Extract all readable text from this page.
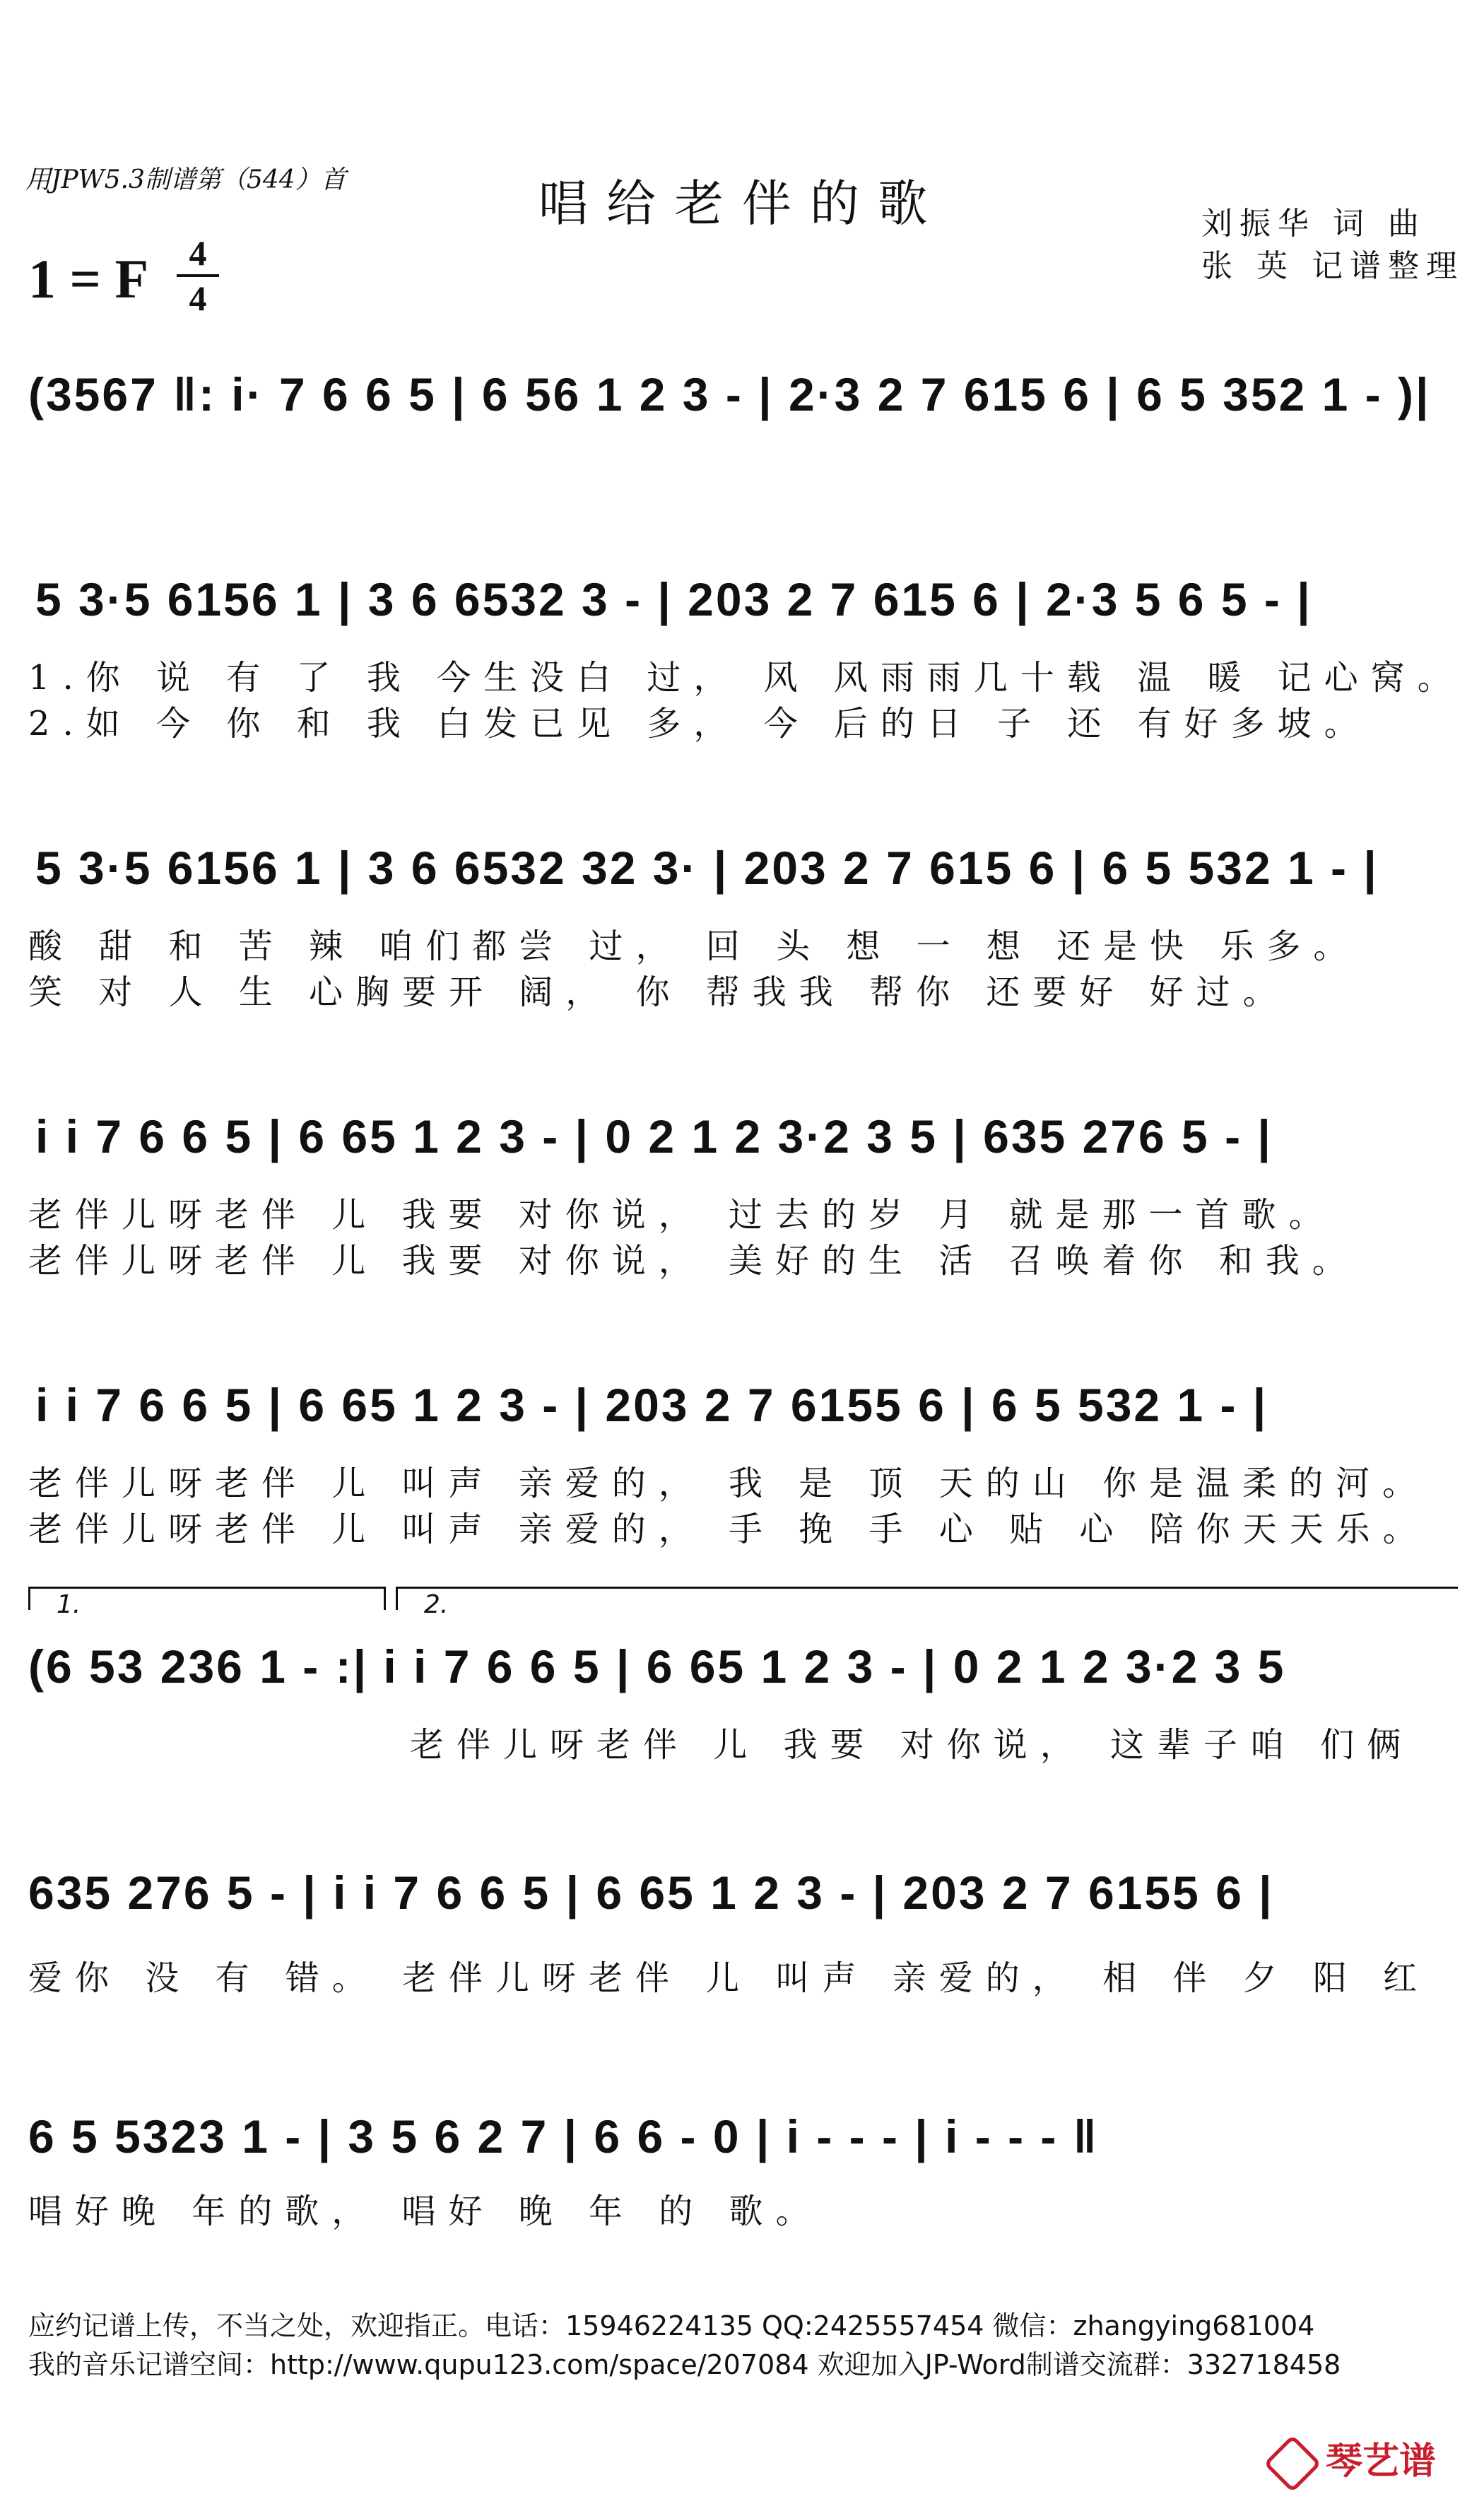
用JPW5.3制谱第（544）首	唱给老伴的歌	刘振华 词 曲
张 英 记谱整理
1 = F	4
4
(3567 ‖: i· 7 6 6 5 | 6 56 1 2 3 - | 2·3 2 7 615 6 | 6 5 352 1 - )|
5 3·5 6156 1 | 3 6 6532 3 - | 203 2 7 615 6 | 2·3 5 6 5 - |
1.你 说 有 了 我 今生没白 过， 风 风雨雨几十载 温 暖 记心窝。
2.如 今 你 和 我 白发已见 多， 今 后的日 子 还 有好多坡。
5 3·5 6156 1 | 3 6 6532 32 3· | 203 2 7 615 6 | 6 5 532 1 - |
酸 甜 和 苦 辣 咱们都尝 过， 回 头 想 一 想 还是快 乐多。
笑 对 人 生 心胸要开 阔， 你 帮我我 帮你 还要好 好过。
i i 7 6 6 5 | 6 65 1 2 3 - | 0 2 1 2 3·2 3 5 | 635 276 5 - |
老伴儿呀老伴 儿 我要 对你说， 过去的岁 月 就是那一首歌。
老伴儿呀老伴 儿 我要 对你说， 美好的生 活 召唤着你 和我。
i i 7 6 6 5 | 6 65 1 2 3 - | 203 2 7 6155 6 | 6 5 532 1 - |
老伴儿呀老伴 儿 叫声 亲爱的， 我 是 顶 天的山 你是温柔的河。
老伴儿呀老伴 儿 叫声 亲爱的， 手 挽 手 心 贴 心 陪你天天乐。
1.	2.
(6 53 236 1 - :| i i 7 6 6 5 | 6 65 1 2 3 - | 0 2 1 2 3·2 3 5
老伴儿呀老伴 儿 我要 对你说， 这辈子咱 们俩
635 276 5 - | i i 7 6 6 5 | 6 65 1 2 3 - | 203 2 7 6155 6 |
爱你 没 有 错。 老伴儿呀老伴 儿 叫声 亲爱的， 相 伴 夕 阳 红
6 5 5323 1 - | 3 5 6 2 7 | 6 6 - 0 | i - - - | i - - - ‖
唱好晚 年的歌， 唱好 晚 年 的 歌。
应约记谱上传，不当之处，欢迎指正。电话：15946224135 QQ:2425557454 微信：zhangying681004
我的音乐记谱空间：http://www.qupu123.com/space/207084 欢迎加入JP-Word制谱交流群：332718458
琴艺谱
